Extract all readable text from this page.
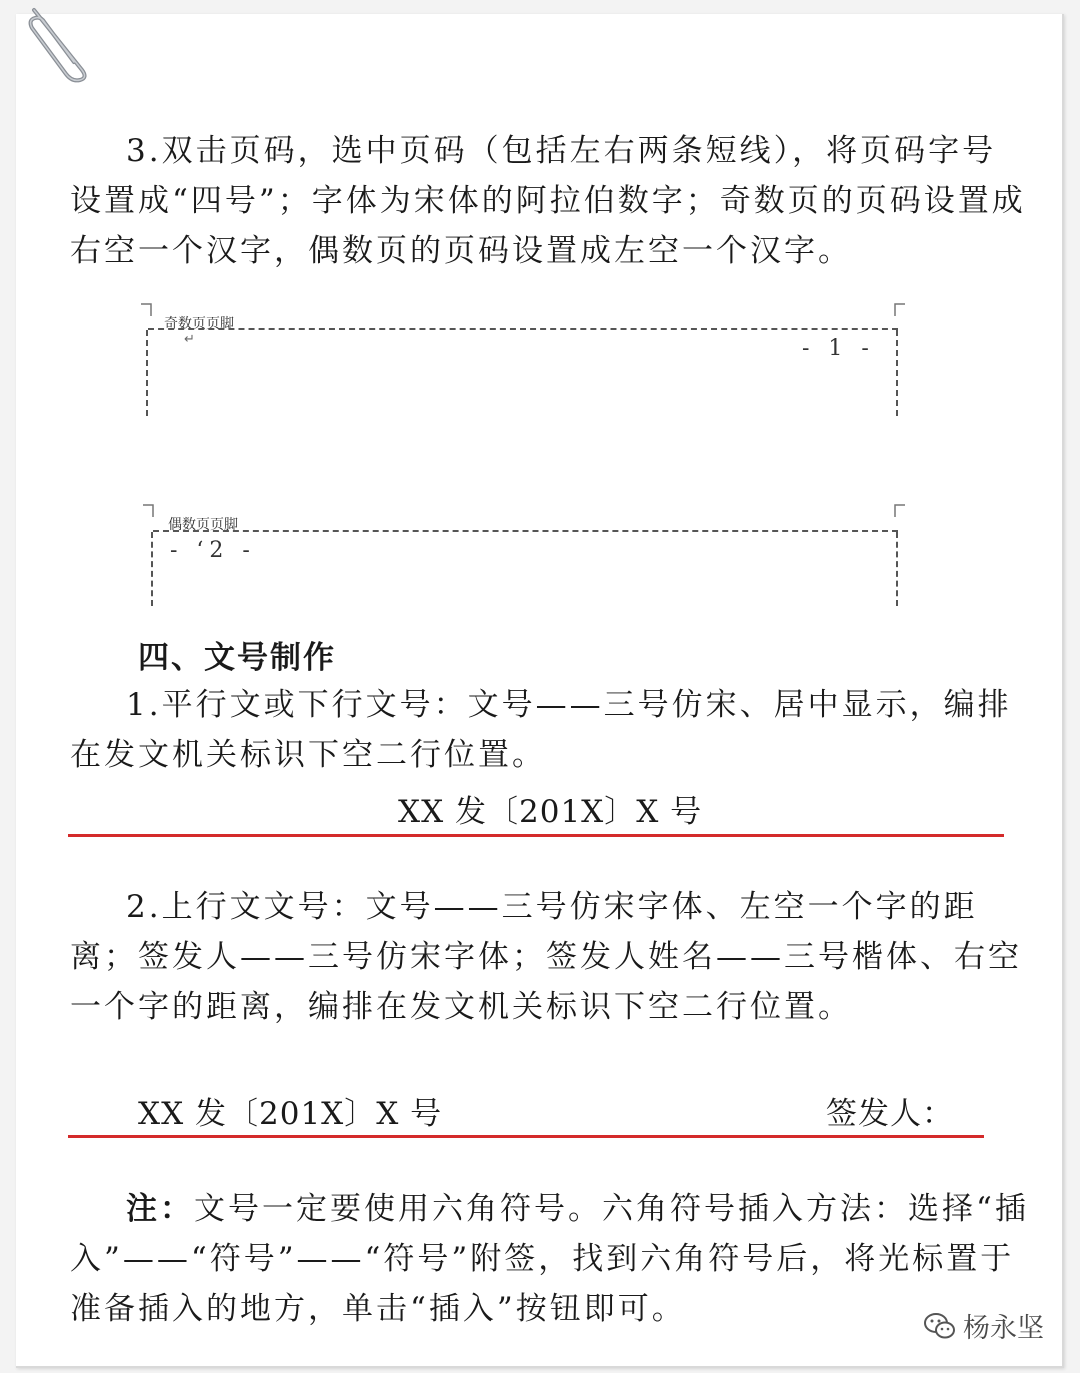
3.双击页码，选中页码（包括左右两条短线），将页码字号设置成“四号”；字体为宋体的阿拉伯数字；奇数页的页码设置成右空一个汉字，偶数页的页码设置成左空一个汉字。

奇数页页脚
↵	- 1 -
偶数页页脚
- ‘2 -
四、文号制作

1.平行文或下行文号：文号——三号仿宋、居中显示，编排在发文机关标识下空二行位置。

XX 发〔201X〕X 号

2.上行文文号：文号——三号仿宋字体、左空一个字的距离；签发人——三号仿宋字体；签发人姓名——三号楷体、右空一个字的距离，编排在发文机关标识下空二行位置。

XX 发〔201X〕X 号	签发人：

注：文号一定要使用六角符号。六角符号插入方法：选择“插入”——“符号”——“符号”附签，找到六角符号后，将光标置于准备插入的地方，单击“插入”按钮即可。

杨永坚
